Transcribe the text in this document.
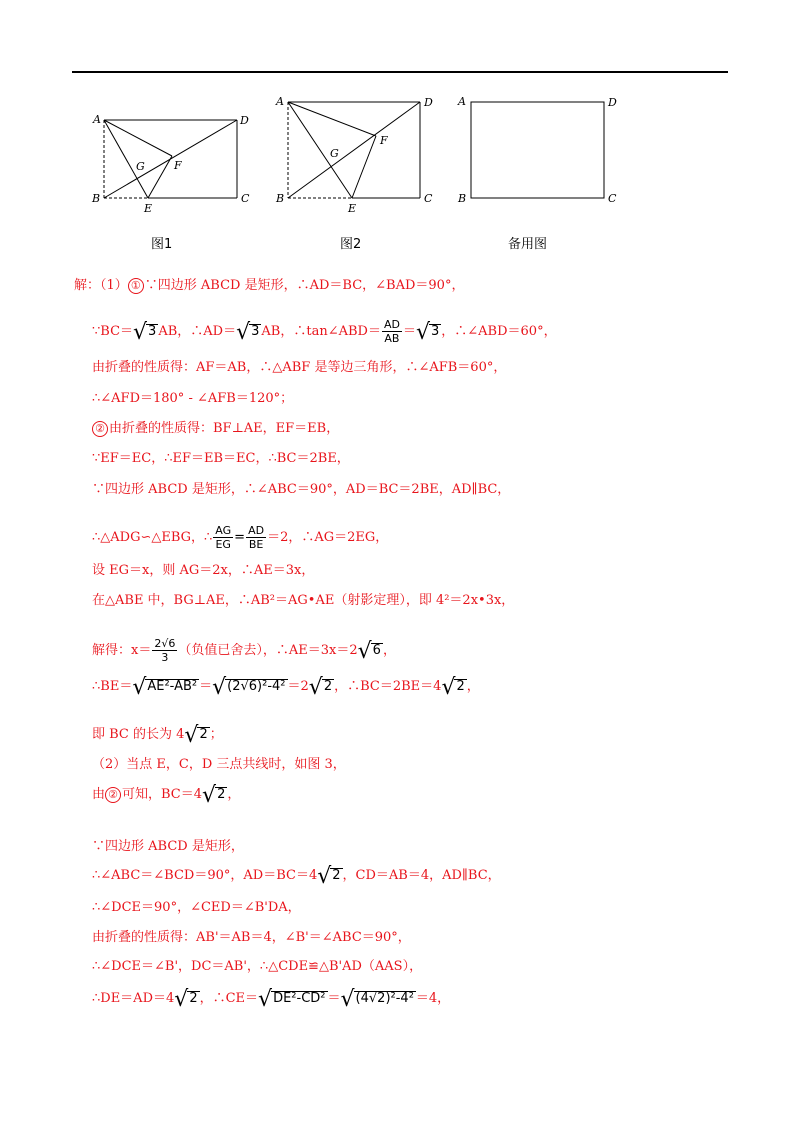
A
B	C
D
E
F
G
A
B	C
D
E
F
G
A
B	C
D
图1	图2	备用图
解：（1） ① ∵四边形 ABCD 是矩形，∴AD＝BC，∠BAD＝90°，
∵BC＝√3 AB，∴AD＝√3 AB，∴tan∠ABD＝ $\frac{AD}{AB} =√3$ ，∴∠ABD＝60°，
由折叠的性质得：AF＝AB，∴△ABF 是等边三角形，∴∠AFB＝60°，
∴∠AFD＝180° - ∠AFB＝120°；
② 由折叠的性质得：BF⊥AE，EF＝EB，
∵EF＝EC，∴EF＝EB＝EC，∴BC＝2BE，
∵四边形 ABCD 是矩形，∴∠ABC＝90°，AD＝BC＝2BE，AD∥BC，
∴△ADG∽△EBG，∴ $\frac{AG}{EG} = \frac{AD}{BE} =2$，∴AG＝2EG，
设 EG＝x，则 AG＝2x，∴AE＝3x，
在△ABE 中，BG⊥AE，∴AB²＝AG•AE（射影定理），即 4²＝2x•3x，
解得：$x= \frac{2√6}{3}$ （负值已舍去），∴AE＝3x＝2√6 ，
∴BE＝√AE²-AB² ＝√(2√6)²-4² ＝2√2 ，∴BC＝2BE＝4√2 ，
即 BC 的长为 4√2 ；
（2）当点 E，C，D 三点共线时，如图 3，
由 ② 可知，BC＝4√2 ，
∵四边形 ABCD 是矩形，
∴∠ABC＝∠BCD＝90°，AD＝BC＝4√2 ，CD＝AB＝4，AD∥BC，
∴∠DCE＝90°，∠CED＝∠B'DA，
由折叠的性质得：AB'＝AB＝4，∠B'＝∠ABC＝90°，
∴∠DCE＝∠B'，DC＝AB'，∴△CDE≌△B'AD（AAS），
∴DE＝AD＝4√2 ，∴CE＝√DE²-CD² ＝√(4√2)²-4² ＝4，
